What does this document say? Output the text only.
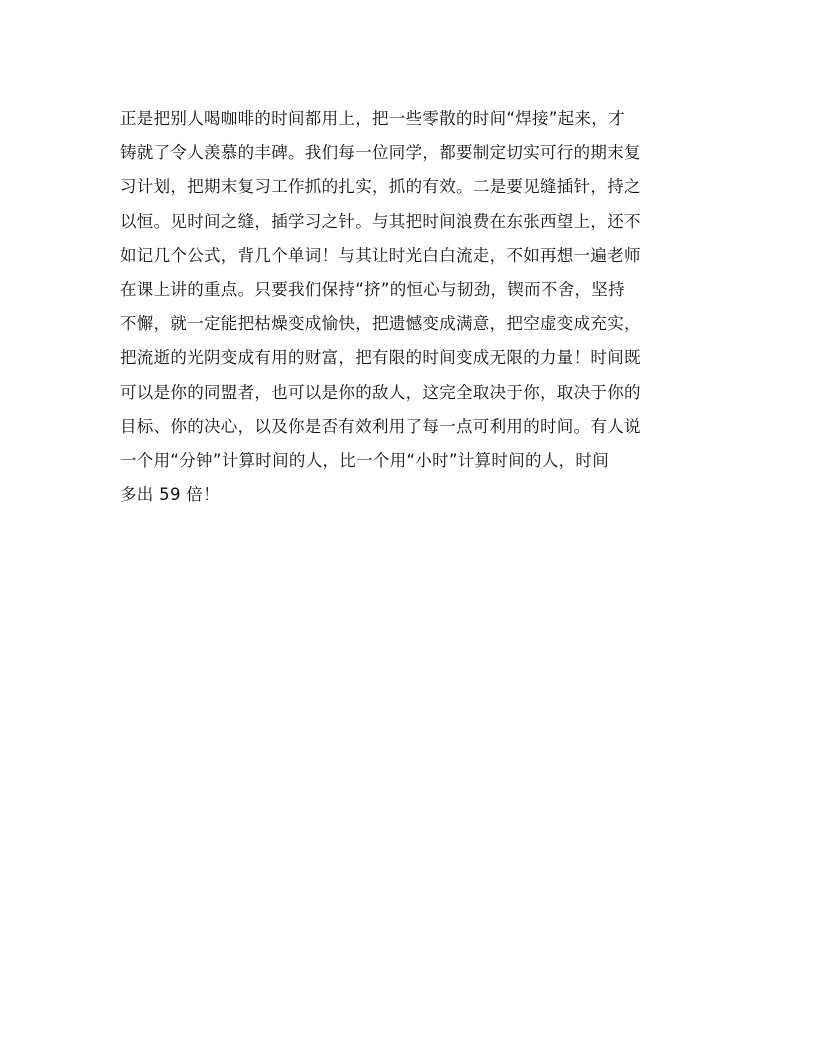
正是把别人喝咖啡的时间都用上，把一些零散的时间“焊接”起来，才
铸就了令人羡慕的丰碑。我们每一位同学，都要制定切实可行的期末复
习计划，把期末复习工作抓的扎实，抓的有效。二是要见缝插针，持之
以恒。见时间之缝，插学习之针。与其把时间浪费在东张西望上，还不
如记几个公式，背几个单词！与其让时光白白流走，不如再想一遍老师
在课上讲的重点。只要我们保持“挤”的恒心与韧劲，锲而不舍，坚持
不懈，就一定能把枯燥变成愉快，把遗憾变成满意，把空虚变成充实，
把流逝的光阴变成有用的财富，把有限的时间变成无限的力量！时间既
可以是你的同盟者，也可以是你的敌人，这完全取决于你，取决于你的
目标、你的决心，以及你是否有效利用了每一点可利用的时间。有人说
一个用“分钟”计算时间的人，比一个用“小时”计算时间的人，时间
多出 59 倍！
